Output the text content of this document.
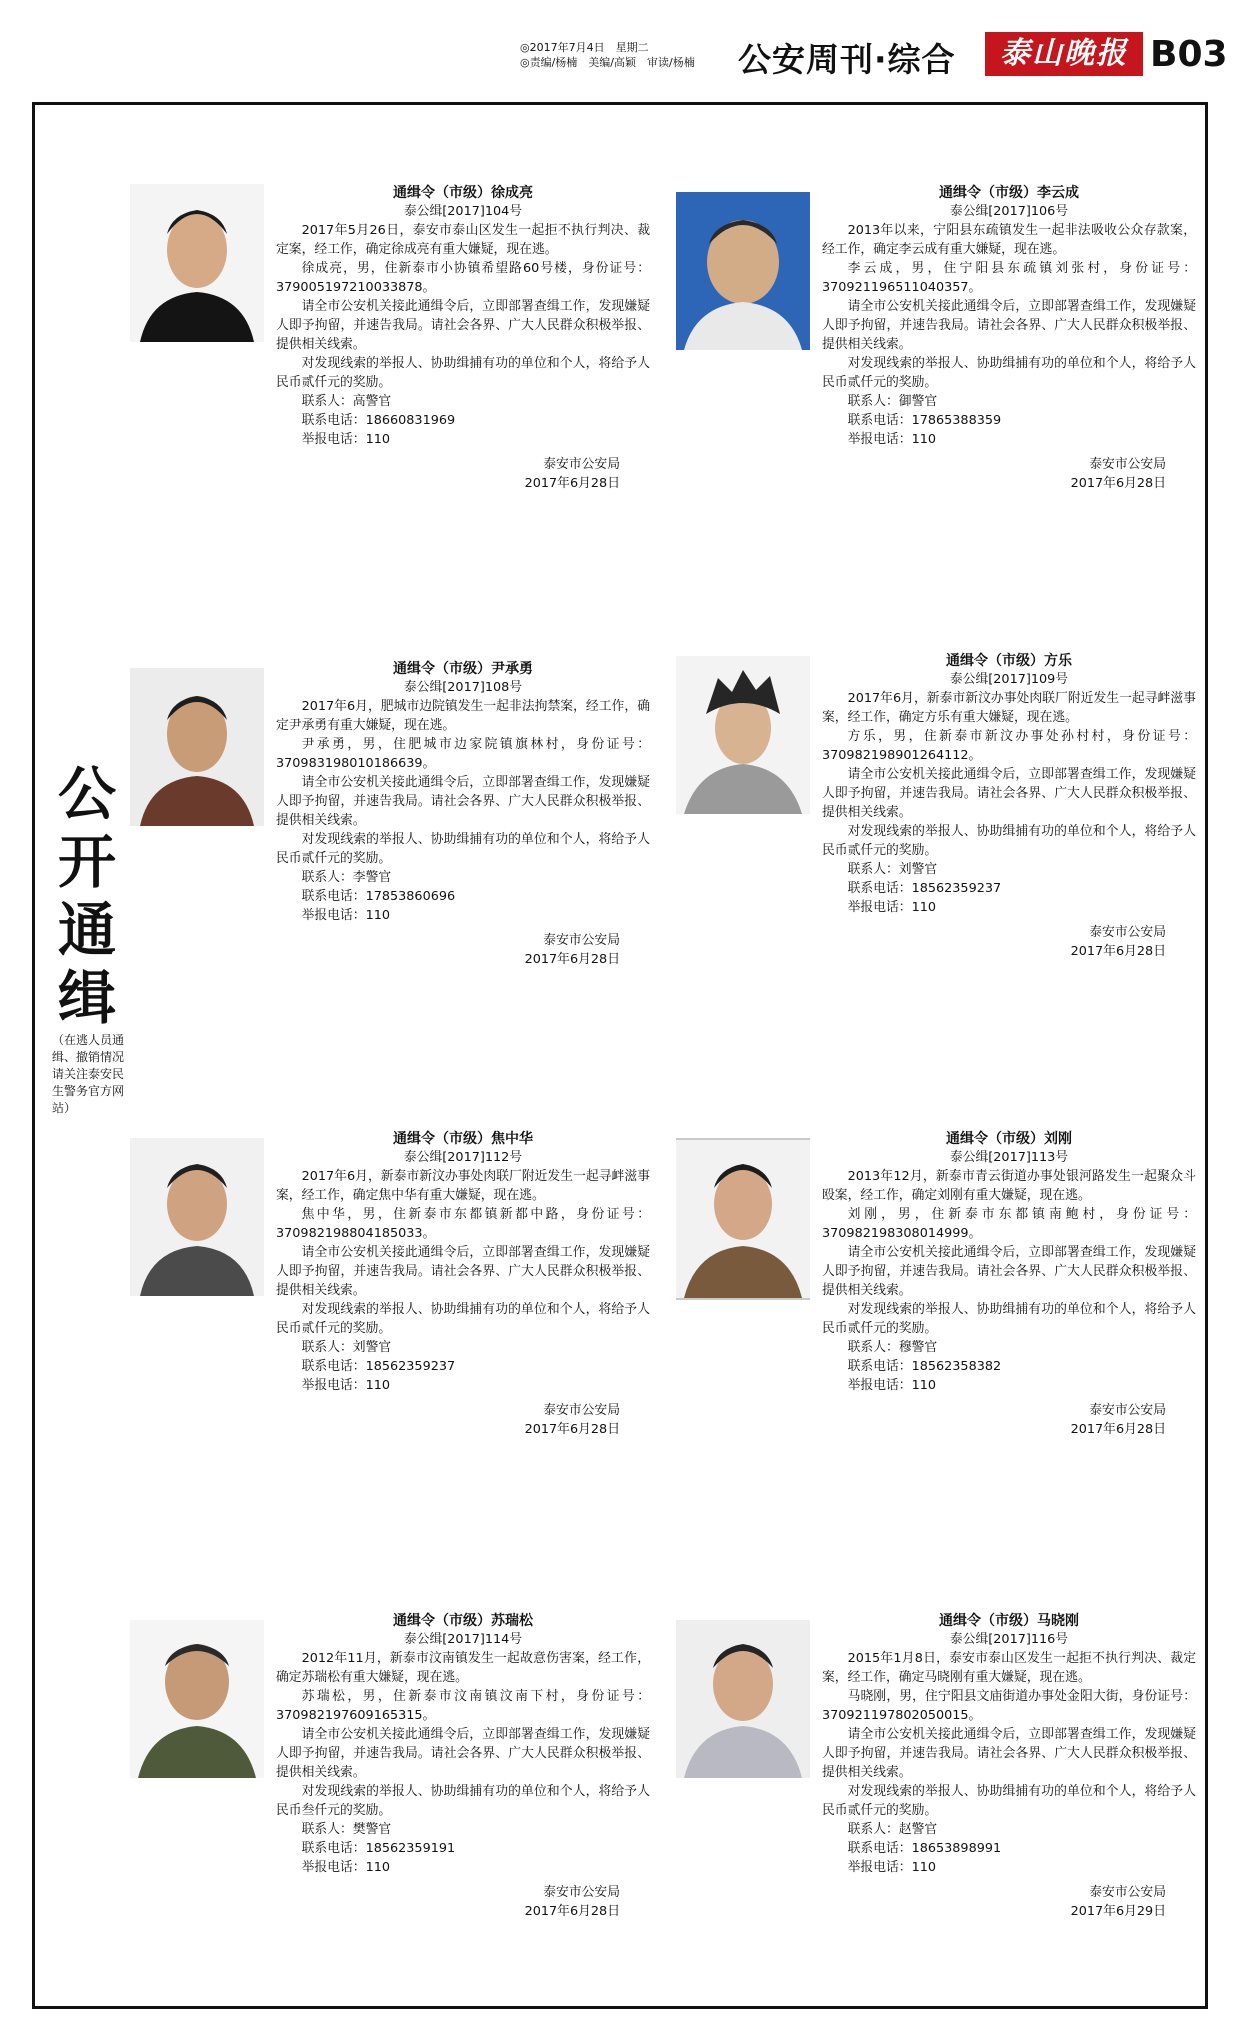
◎2017年7月4日　星期二
◎责编/杨楠　美编/高颖　审读/杨楠 公安周刊·综合	泰山晚报 B03
公开通缉
（在逃人员通缉、撤销情况请关注泰安民生警务官方网站）
通缉令（市级）徐成亮
泰公缉[2017]104号

2017年5月26日，泰安市泰山区发生一起拒不执行判决、裁定案，经工作，确定徐成亮有重大嫌疑，现在逃。

徐成亮，男，住新泰市小协镇希望路60号楼，身份证号：379005197210033878。

请全市公安机关接此通缉令后，立即部署查缉工作，发现嫌疑人即予拘留，并速告我局。请社会各界、广大人民群众积极举报、提供相关线索。

对发现线索的举报人、协助缉捕有功的单位和个人，将给予人民币贰仟元的奖励。

联系人：高警官
联系电话：18660831969
举报电话：110
泰安市公安局
2017年6月28日
通缉令（市级）李云成
泰公缉[2017]106号

2013年以来，宁阳县东疏镇发生一起非法吸收公众存款案，经工作，确定李云成有重大嫌疑，现在逃。

李云成，男，住宁阳县东疏镇刘张村，身份证号：370921196511040357。

请全市公安机关接此通缉令后，立即部署查缉工作，发现嫌疑人即予拘留，并速告我局。请社会各界、广大人民群众积极举报、提供相关线索。

对发现线索的举报人、协助缉捕有功的单位和个人，将给予人民币贰仟元的奖励。

联系人：御警官
联系电话：17865388359
举报电话：110
泰安市公安局
2017年6月28日
通缉令（市级）尹承勇
泰公缉[2017]108号

2017年6月，肥城市边院镇发生一起非法拘禁案，经工作，确定尹承勇有重大嫌疑，现在逃。

尹承勇，男，住肥城市边家院镇旗林村，身份证号：370983198010186639。

请全市公安机关接此通缉令后，立即部署查缉工作，发现嫌疑人即予拘留，并速告我局。请社会各界、广大人民群众积极举报、提供相关线索。

对发现线索的举报人、协助缉捕有功的单位和个人，将给予人民币贰仟元的奖励。

联系人：李警官
联系电话：17853860696
举报电话：110
泰安市公安局
2017年6月28日
通缉令（市级）方乐
泰公缉[2017]109号

2017年6月，新泰市新汶办事处肉联厂附近发生一起寻衅滋事案，经工作，确定方乐有重大嫌疑，现在逃。

方乐，男，住新泰市新汶办事处孙村村，身份证号：370982198901264112。

请全市公安机关接此通缉令后，立即部署查缉工作，发现嫌疑人即予拘留，并速告我局。请社会各界、广大人民群众积极举报、提供相关线索。

对发现线索的举报人、协助缉捕有功的单位和个人，将给予人民币贰仟元的奖励。

联系人：刘警官
联系电话：18562359237
举报电话：110
泰安市公安局
2017年6月28日
通缉令（市级）焦中华
泰公缉[2017]112号

2017年6月，新泰市新汶办事处肉联厂附近发生一起寻衅滋事案，经工作，确定焦中华有重大嫌疑，现在逃。

焦中华，男，住新泰市东都镇新都中路，身份证号：370982198804185033。

请全市公安机关接此通缉令后，立即部署查缉工作，发现嫌疑人即予拘留，并速告我局。请社会各界、广大人民群众积极举报、提供相关线索。

对发现线索的举报人、协助缉捕有功的单位和个人，将给予人民币贰仟元的奖励。

联系人：刘警官
联系电话：18562359237
举报电话：110
泰安市公安局
2017年6月28日
通缉令（市级）刘刚
泰公缉[2017]113号

2013年12月，新泰市青云街道办事处银河路发生一起聚众斗殴案，经工作，确定刘刚有重大嫌疑，现在逃。

刘刚，男，住新泰市东都镇南鲍村，身份证号：370982198308014999。

请全市公安机关接此通缉令后，立即部署查缉工作，发现嫌疑人即予拘留，并速告我局。请社会各界、广大人民群众积极举报、提供相关线索。

对发现线索的举报人、协助缉捕有功的单位和个人，将给予人民币贰仟元的奖励。

联系人：穆警官
联系电话：18562358382
举报电话：110
泰安市公安局
2017年6月28日
通缉令（市级）苏瑞松
泰公缉[2017]114号

2012年11月，新泰市汶南镇发生一起故意伤害案，经工作，确定苏瑞松有重大嫌疑，现在逃。

苏瑞松，男，住新泰市汶南镇汶南下村，身份证号：370982197609165315。

请全市公安机关接此通缉令后，立即部署查缉工作，发现嫌疑人即予拘留，并速告我局。请社会各界、广大人民群众积极举报、提供相关线索。

对发现线索的举报人、协助缉捕有功的单位和个人，将给予人民币叁仟元的奖励。

联系人：樊警官
联系电话：18562359191
举报电话：110
泰安市公安局
2017年6月28日
通缉令（市级）马晓刚
泰公缉[2017]116号

2015年1月8日，泰安市泰山区发生一起拒不执行判决、裁定案，经工作，确定马晓刚有重大嫌疑，现在逃。

马晓刚，男，住宁阳县文庙街道办事处金阳大街，身份证号：370921197802050015。

请全市公安机关接此通缉令后，立即部署查缉工作，发现嫌疑人即予拘留，并速告我局。请社会各界、广大人民群众积极举报、提供相关线索。

对发现线索的举报人、协助缉捕有功的单位和个人，将给予人民币贰仟元的奖励。

联系人：赵警官
联系电话：18653898991
举报电话：110
泰安市公安局
2017年6月29日
